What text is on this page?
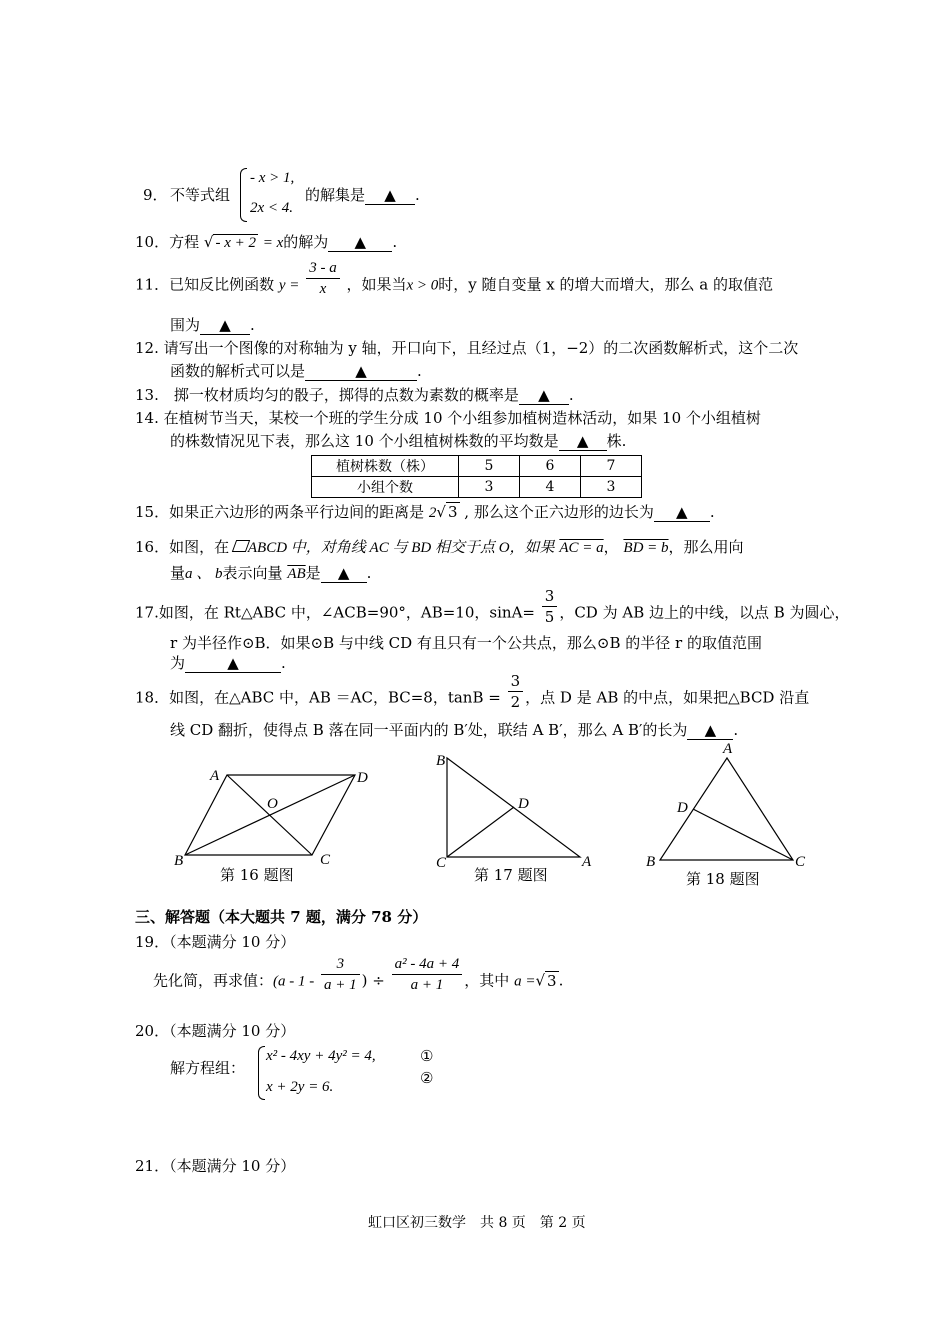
9． 不等式组
- x > 1,
2x < 4.
的解集是 ▲ .
10．方程 √ - x + 2 = x的解为 ▲ .
11．已知反比例函数 $y = \frac{3 - a}{x}$ ，如果当x > 0时，y 随自变量 x 的增大而增大，那么 a 的取值范
围为 ▲ .
12. 请写出一个图像的对称轴为 y 轴，开口向下，且经过点（1，−2）的二次函数解析式，这个二次
函数的解析式可以是	▲	.
13.　 掷一枚材质均匀的骰子，掷得的点数为素数的概率是 ▲ .
14. 在植树节当天，某校一个班的学生分成 10 个小组参加植树造林活动，如果 10 个小组植树
的株数情况见下表，那么这 10 个小组植树株数的平均数是 ▲ 株.
植树株数（株）	5	6	7
小组个数	3	4	3
15．如果正六边形的两条平行边间的距离是 2√ 3 , 那么这个正六边形的边长为 ▲ .
16．如图，在 ABCD 中，对角线 AC 与 BD 相交于点 O，如果 AC = a， BD = b，那么用向
量a 、 b表示向量 $\overline{AB}$是 ▲ .
17.如图，在 Rt△ABC 中，∠ACB=90°，AB=10，$\sin A= \frac{3}{5}$ ，CD 为 AB 边上的中线，以点 B 为圆心，
r 为半径作⊙B．如果⊙B 与中线 CD 有且只有一个公共点，那么⊙B 的半径 r 的取值范围
为	▲	.
18．如图，在△ABC 中，AB ＝AC，BC=8，$\tan B = \frac{3}{2}$ ，点 D 是 AB 的中点，如果把△BCD 沿直
线 CD 翻折，使得点 B 落在同一平面内的 B′处，联结 A B′，那么 A B′的长为 ▲ .
A	D
B	C
O
第 16 题图
B
C	A
D
第 17 题图
A
B	C
D
第 18 题图
三、解答题（本大题共 7 题，满分 78 分）
19．（本题满分 10 分）
先化简，再求值：($a - 1 - \frac{3}{a + 1}$ ) ÷ $\frac{\text{a² - 4a + 4}}{a + 1}$ ，其中 a =√ 3 .
20．（本题满分 10 分）
解方程组：
x² - 4xy + 4y² = 4,
x + 2y = 6.
①
②
21．（本题满分 10 分）
虹口区初三数学　共 8 页　第 2 页
